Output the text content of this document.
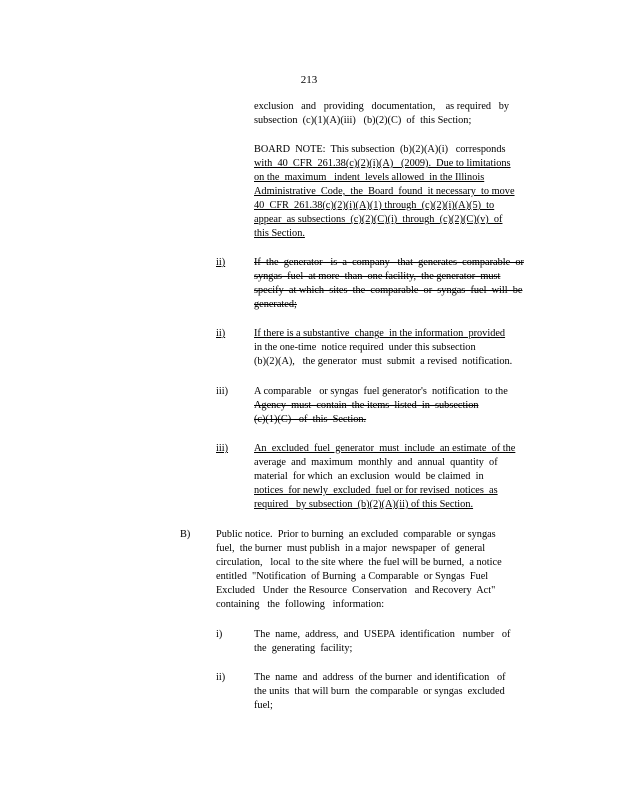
213
exclusion   and   providing   documentation,    as required   by
subsection  (c)(1)(A)(iii)   (b)(2)(C)  of  this Section;
BOARD  NOTE:  This subsection  (b)(2)(A)(i)   corresponds
with  40  CFR  261.38(c)(2)(i)(A)   (2009).  Due to limitations
on the  maximum   indent  levels allowed  in the Illinois
Administrative  Code,  the  Board  found  it necessary  to move
40  CFR  261.38(c)(2)(i)(A)(1) through  (c)(2)(i)(A)(5)  to
appear  as subsections  (c)(2)(C)(i)  through  (c)(2)(C)(v)  of
this Section.
ii)	If  the  generator   is  a  company   that  generates  comparable  or
syngas  fuel  at more  than  one facility,  the generator  must
specify  at which  sites  the  comparable  or  syngas  fuel  will  be
generated;
ii)	If there is a substantive  change  in the information  provided
in the one-time  notice required  under this subsection
(b)(2)(A),   the generator  must  submit  a revised  notification.
iii)	A comparable   or syngas  fuel generator's  notification  to the
Agency  must  contain  the items  listed  in  subsection
(c)(1)(C)   of  this  Section.
iii)	An  excluded  fuel  generator  must  include  an estimate  of the
average  and  maximum  monthly  and  annual  quantity  of
material  for which  an exclusion  would  be claimed  in
notices  for newly  excluded  fuel or for revised  notices  as
required   by subsection  (b)(2)(A)(ii) of this Section.
B) Public notice.  Prior to burning  an excluded  comparable  or syngas
fuel,  the burner  must publish  in a major  newspaper  of  general
circulation,   local  to the site where  the fuel will be burned,  a notice
entitled  "Notification  of Burning  a Comparable  or Syngas  Fuel
Excluded   Under  the Resource  Conservation   and Recovery  Act"
containing   the  following   information:
i)	The  name,  address,  and  USEPA  identification   number   of
the  generating  facility;
ii)	The  name  and  address  of the burner  and identification   of
the units  that will burn  the comparable  or syngas  excluded
fuel;
